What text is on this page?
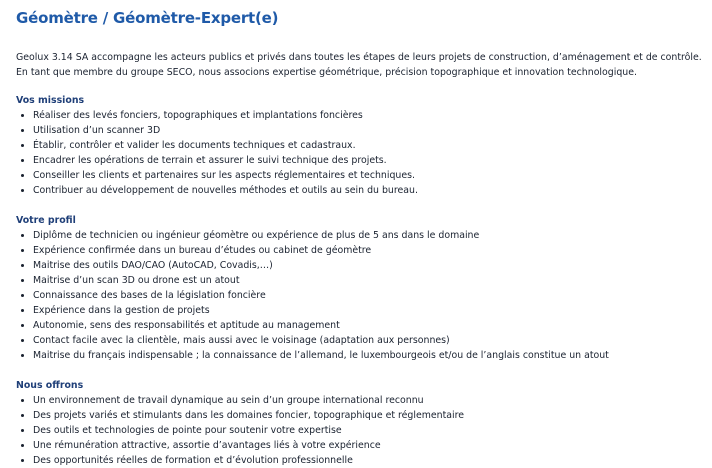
Géomètre / Géomètre-Expert(e)

Geolux 3.14 SA accompagne les acteurs publics et privés dans toutes les étapes de leurs projets de construction, d’aménagement et de contrôle. En tant que membre du groupe SECO, nous associons expertise géométrique, précision topographique et innovation technologique.

Vos missions
Réaliser des levés fonciers, topographiques et implantations foncières
Utilisation d’un scanner 3D
Établir, contrôler et valider les documents techniques et cadastraux.
Encadrer les opérations de terrain et assurer le suivi technique des projets.
Conseiller les clients et partenaires sur les aspects réglementaires et techniques.
Contribuer au développement de nouvelles méthodes et outils au sein du bureau.
Votre profil
Diplôme de technicien ou ingénieur géomètre ou expérience de plus de 5 ans dans le domaine
Expérience confirmée dans un bureau d’études ou cabinet de géomètre
Maitrise des outils DAO/CAO (AutoCAD, Covadis,…)
Maitrise d’un scan 3D ou drone est un atout
Connaissance des bases de la législation foncière
Expérience dans la gestion de projets
Autonomie, sens des responsabilités et aptitude au management
Contact facile avec la clientèle, mais aussi avec le voisinage (adaptation aux personnes)
Maitrise du français indispensable ; la connaissance de l’allemand, le luxembourgeois et/ou de l’anglais constitue un atout
Nous offrons
Un environnement de travail dynamique au sein d’un groupe international reconnu
Des projets variés et stimulants dans les domaines foncier, topographique et réglementaire
Des outils et technologies de pointe pour soutenir votre expertise
Une rémunération attractive, assortie d’avantages liés à votre expérience
Des opportunités réelles de formation et d’évolution professionnelle
